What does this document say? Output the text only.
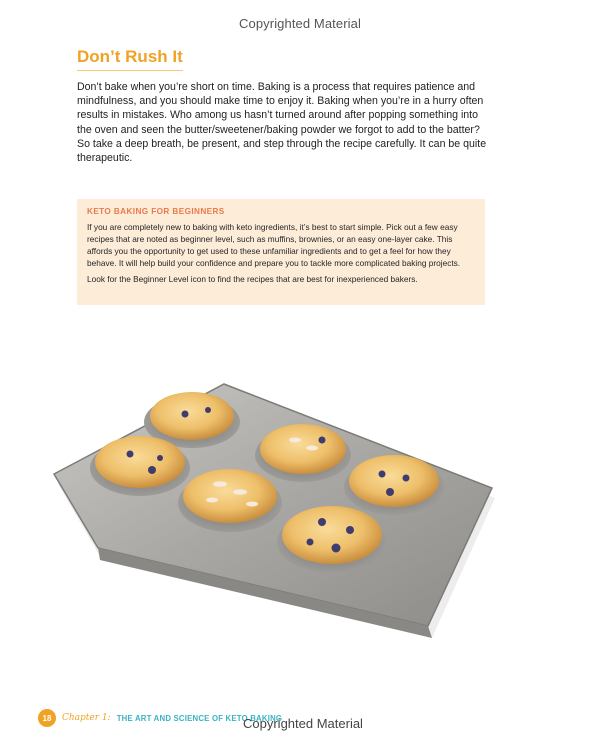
Copyrighted Material
Don’t Rush It
Don’t bake when you’re short on time. Baking is a process that requires patience and mindfulness, and you should make time to enjoy it. Baking when you’re in a hurry often results in mistakes. Who among us hasn’t turned around after popping something into the oven and seen the butter/sweetener/baking powder we forgot to add to the batter? So take a deep breath, be present, and step through the recipe carefully. It can be quite therapeutic.
KETO BAKING FOR BEGINNERS

If you are completely new to baking with keto ingredients, it’s best to start simple. Pick out a few easy recipes that are noted as beginner level, such as muffins, brownies, or an easy one-layer cake. This affords you the opportunity to get used to these unfamiliar ingredients and to get a feel for how they behave. It will help build your confidence and prepare you to tackle more complicated baking projects.

Look for the Beginner Level icon to find the recipes that are best for inexperienced bakers.

18	Chapter 1: THE ART AND SCIENCE OF KETO BAKING
Copyrighted Material
